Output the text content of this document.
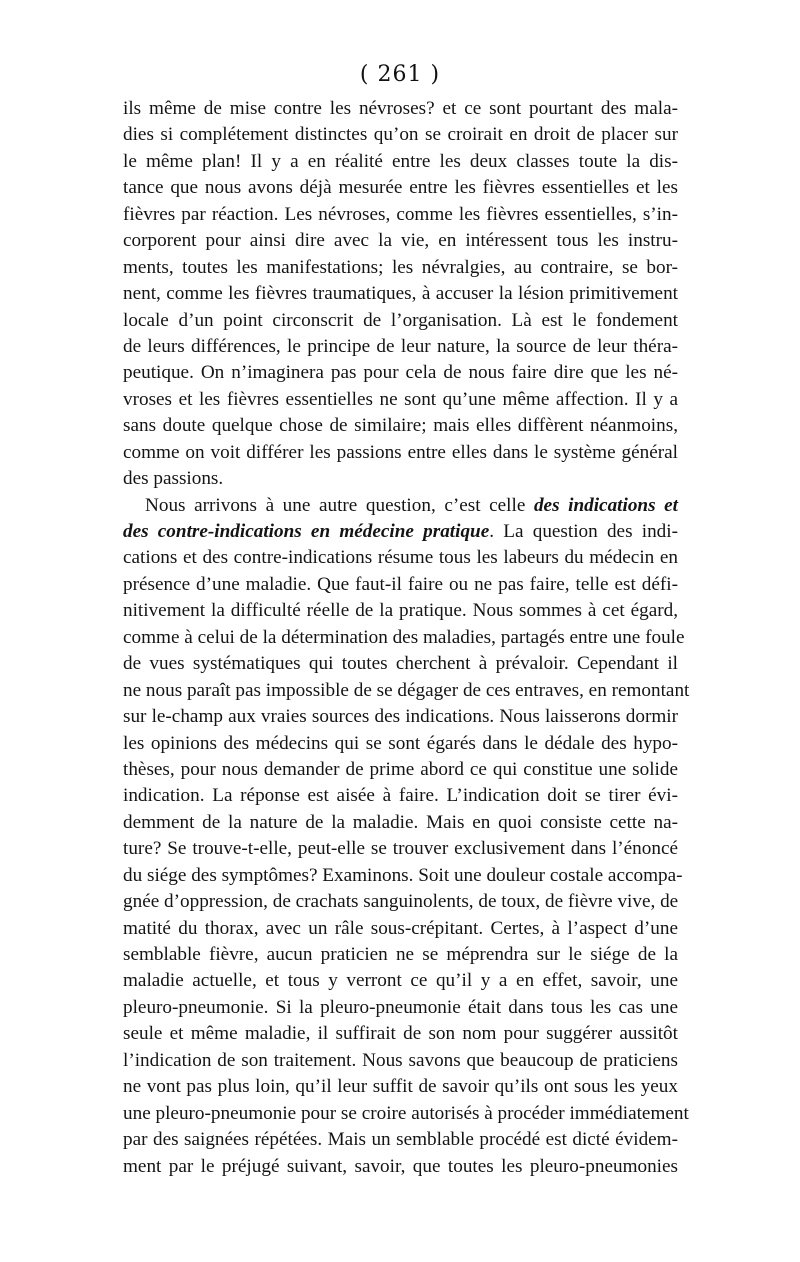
( 261 )
ils même de mise contre les névroses? et ce sont pourtant des mala-
dies si complétement distinctes qu’on se croirait en droit de placer sur
le même plan! Il y a en réalité entre les deux classes toute la dis-
tance que nous avons déjà mesurée entre les fièvres essentielles et les
fièvres par réaction. Les névroses, comme les fièvres essentielles, s’in-
corporent pour ainsi dire avec la vie, en intéressent tous les instru-
ments, toutes les manifestations; les névralgies, au contraire, se bor-
nent, comme les fièvres traumatiques, à accuser la lésion primitivement
locale d’un point circonscrit de l’organisation. Là est le fondement
de leurs différences, le principe de leur nature, la source de leur théra-
peutique. On n’imaginera pas pour cela de nous faire dire que les né-
vroses et les fièvres essentielles ne sont qu’une même affection. Il y a
sans doute quelque chose de similaire; mais elles diffèrent néanmoins,
comme on voit différer les passions entre elles dans le système général
des passions.
Nous arrivons à une autre question, c’est celle des indications et
des contre-indications en médecine pratique. La question des indi-
cations et des contre-indications résume tous les labeurs du médecin en
présence d’une maladie. Que faut-il faire ou ne pas faire, telle est défi-
nitivement la difficulté réelle de la pratique. Nous sommes à cet égard,
comme à celui de la détermination des maladies, partagés entre une foule
de vues systématiques qui toutes cherchent à prévaloir. Cependant il
ne nous paraît pas impossible de se dégager de ces entraves, en remontant
sur le-champ aux vraies sources des indications. Nous laisserons dormir
les opinions des médecins qui se sont égarés dans le dédale des hypo-
thèses, pour nous demander de prime abord ce qui constitue une solide
indication. La réponse est aisée à faire. L’indication doit se tirer évi-
demment de la nature de la maladie. Mais en quoi consiste cette na-
ture? Se trouve-t-elle, peut-elle se trouver exclusivement dans l’énoncé
du siége des symptômes? Examinons. Soit une douleur costale accompa-
gnée d’oppression, de crachats sanguinolents, de toux, de fièvre vive, de
matité du thorax, avec un râle sous-crépitant. Certes, à l’aspect d’une
semblable fièvre, aucun praticien ne se méprendra sur le siége de la
maladie actuelle, et tous y verront ce qu’il y a en effet, savoir, une
pleuro-pneumonie. Si la pleuro-pneumonie était dans tous les cas une
seule et même maladie, il suffirait de son nom pour suggérer aussitôt
l’indication de son traitement. Nous savons que beaucoup de praticiens
ne vont pas plus loin, qu’il leur suffit de savoir qu’ils ont sous les yeux
une pleuro-pneumonie pour se croire autorisés à procéder immédiatement
par des saignées répétées. Mais un semblable procédé est dicté évidem-
ment par le préjugé suivant, savoir, que toutes les pleuro-pneumonies
